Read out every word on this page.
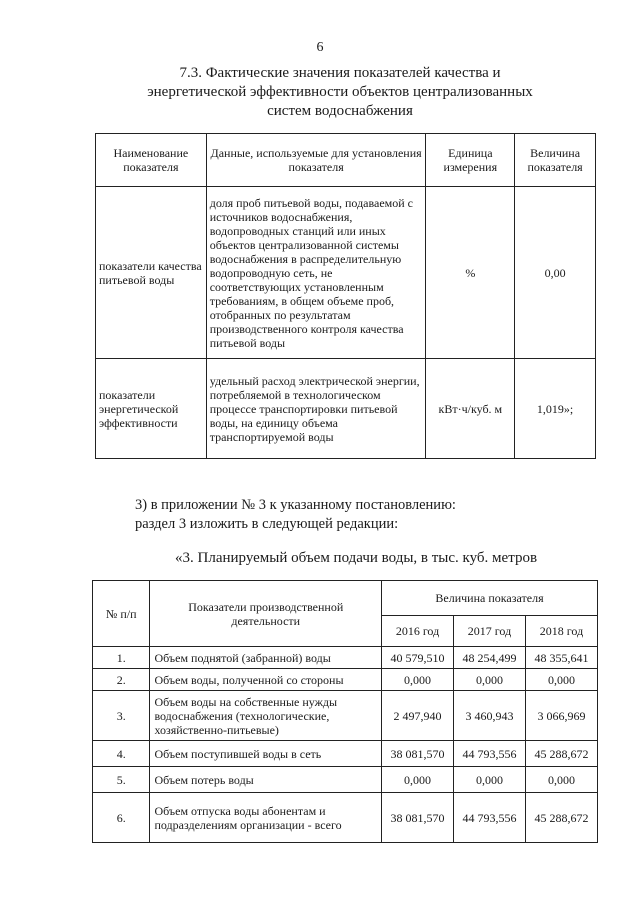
6
7.3. Фактические значения показателей качества и
энергетической эффективности объектов централизованных
систем водоснабжения
Наименование показателя	Данные, используемые для установления показателя	Единица измерения	Величина показателя
показатели качества питьевой воды	доля проб питьевой воды, подаваемой с источников водоснабжения, водопроводных станций или иных объектов централизованной системы водоснабжения в распределительную водопроводную сеть, не соответствующих установленным требованиям, в общем объеме проб, отобранных по результатам производственного контроля качества питьевой воды	%	0,00
показатели энергетической эффективности	удельный расход электрической энергии, потребляемой в технологическом процессе транспортировки питьевой воды, на единицу объема транспортируемой воды	кВт·ч/куб. м	1,019»;
3) в приложении № 3 к указанному постановлению:
раздел 3 изложить в следующей редакции:
«3. Планируемый объем подачи воды, в тыс. куб. метров
№ п/п	Показатели производственной деятельности	Величина показателя		
		2016 год	2017 год	2018 год
1.	Объем поднятой (забранной) воды	40 579,510	48 254,499	48 355,641
2.	Объем воды, полученной со стороны	0,000	0,000	0,000
3.	Объем воды на собственные нужды водоснабжения (технологические, хозяйственно-питьевые)	2 497,940	3 460,943	3 066,969
4.	Объем поступившей воды в сеть	38 081,570	44 793,556	45 288,672
5.	Объем потерь воды	0,000	0,000	0,000
6.	Объем отпуска воды абонентам и подразделениям организации - всего	38 081,570	44 793,556	45 288,672
